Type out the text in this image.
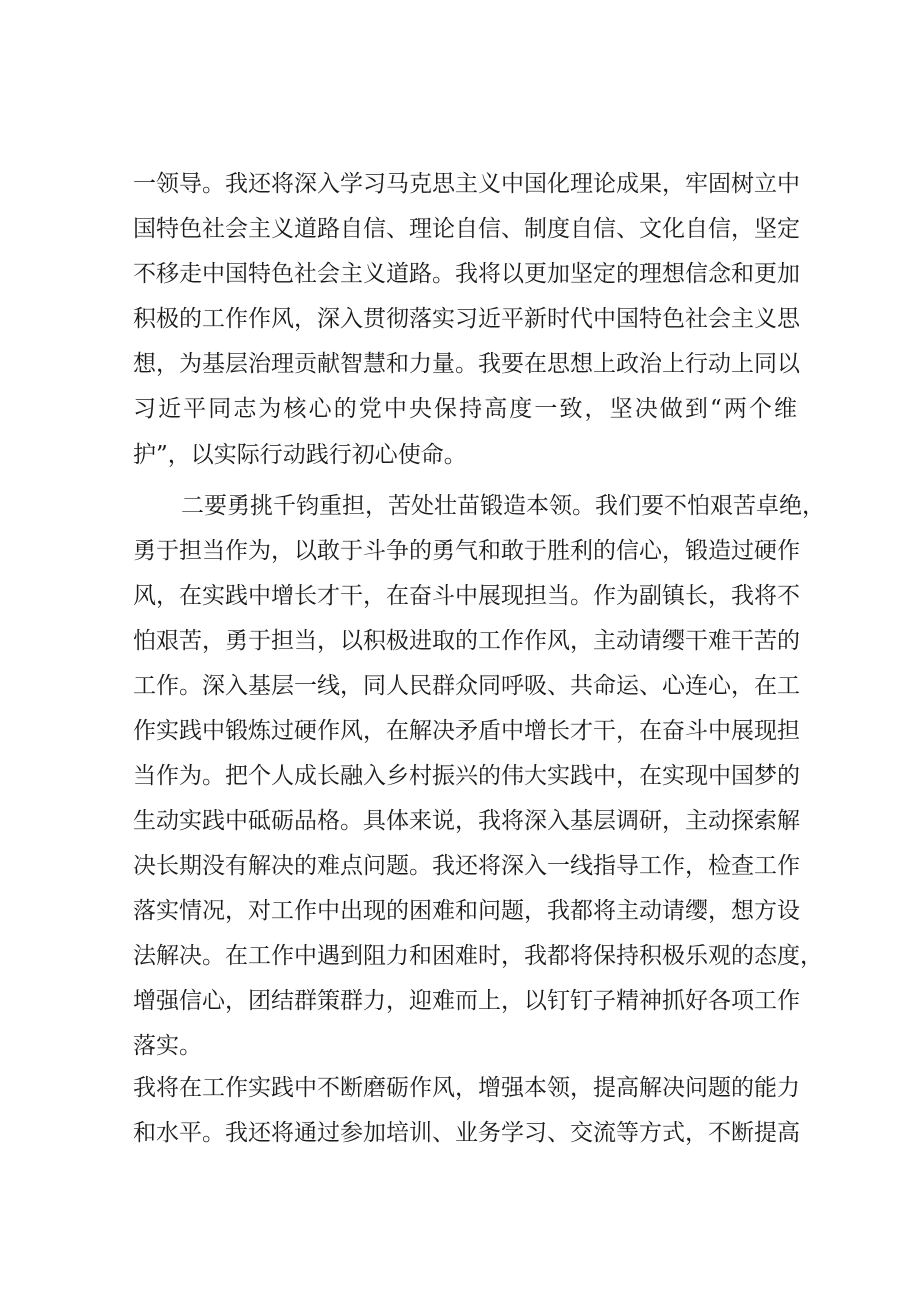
一领导。我还将深入学习马克思主义中国化理论成果，牢固树立中
国特色社会主义道路自信、理论自信、制度自信、文化自信，坚定
不移走中国特色社会主义道路。我将以更加坚定的理想信念和更加
积极的工作作风，深入贯彻落实习近平新时代中国特色社会主义思
想，为基层治理贡献智慧和力量。我要在思想上政治上行动上同以
习近平同志为核心的党中央保持高度一致，坚决做到“两个维
护”，以实际行动践行初心使命。
二要勇挑千钧重担，苦处壮苗锻造本领。我们要不怕艰苦卓绝，
勇于担当作为，以敢于斗争的勇气和敢于胜利的信心，锻造过硬作
风，在实践中增长才干，在奋斗中展现担当。作为副镇长，我将不
怕艰苦，勇于担当，以积极进取的工作作风，主动请缨干难干苦的
工作。深入基层一线，同人民群众同呼吸、共命运、心连心，在工
作实践中锻炼过硬作风，在解决矛盾中增长才干，在奋斗中展现担
当作为。把个人成长融入乡村振兴的伟大实践中，在实现中国梦的
生动实践中砥砺品格。具体来说，我将深入基层调研，主动探索解
决长期没有解决的难点问题。我还将深入一线指导工作，检查工作
落实情况，对工作中出现的困难和问题，我都将主动请缨，想方设
法解决。在工作中遇到阻力和困难时，我都将保持积极乐观的态度，
增强信心，团结群策群力，迎难而上，以钉钉子精神抓好各项工作
落实。
我将在工作实践中不断磨砺作风，增强本领，提高解决问题的能力
和水平。我还将通过参加培训、业务学习、交流等方式，不断提高
